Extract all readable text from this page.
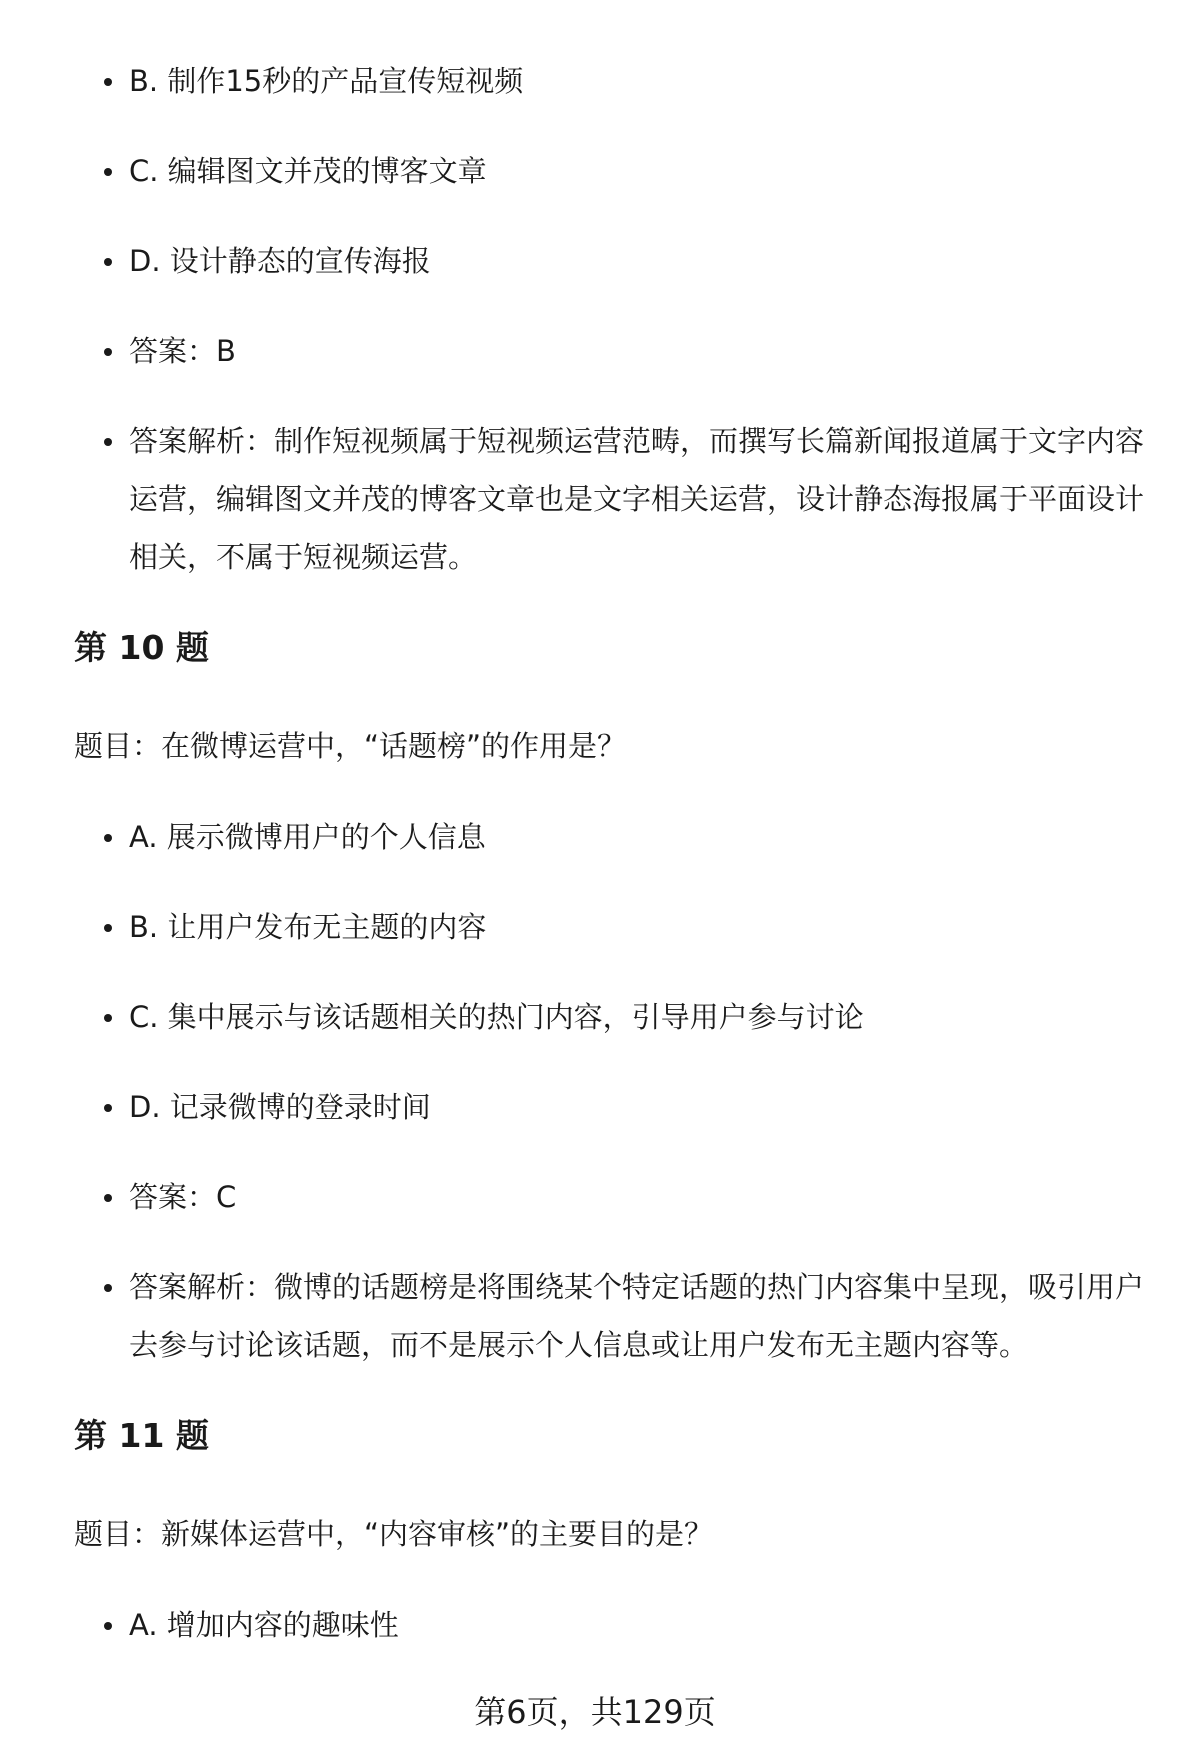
B. 制作15秒的产品宣传短视频
C. 编辑图文并茂的博客文章
D. 设计静态的宣传海报
答案：B
答案解析：制作短视频属于短视频运营范畴，而撰写长篇新闻报道属于文字内容运营，编辑图文并茂的博客文章也是文字相关运营，设计静态海报属于平面设计相关，不属于短视频运营。
第 10 题
题目：在微博运营中，“话题榜”的作用是？
A. 展示微博用户的个人信息
B. 让用户发布无主题的内容
C. 集中展示与该话题相关的热门内容，引导用户参与讨论
D. 记录微博的登录时间
答案：C
答案解析：微博的话题榜是将围绕某个特定话题的热门内容集中呈现，吸引用户去参与讨论该话题，而不是展示个人信息或让用户发布无主题内容等。
第 11 题
题目：新媒体运营中，“内容审核”的主要目的是？
A. 增加内容的趣味性
第6页，共129页
